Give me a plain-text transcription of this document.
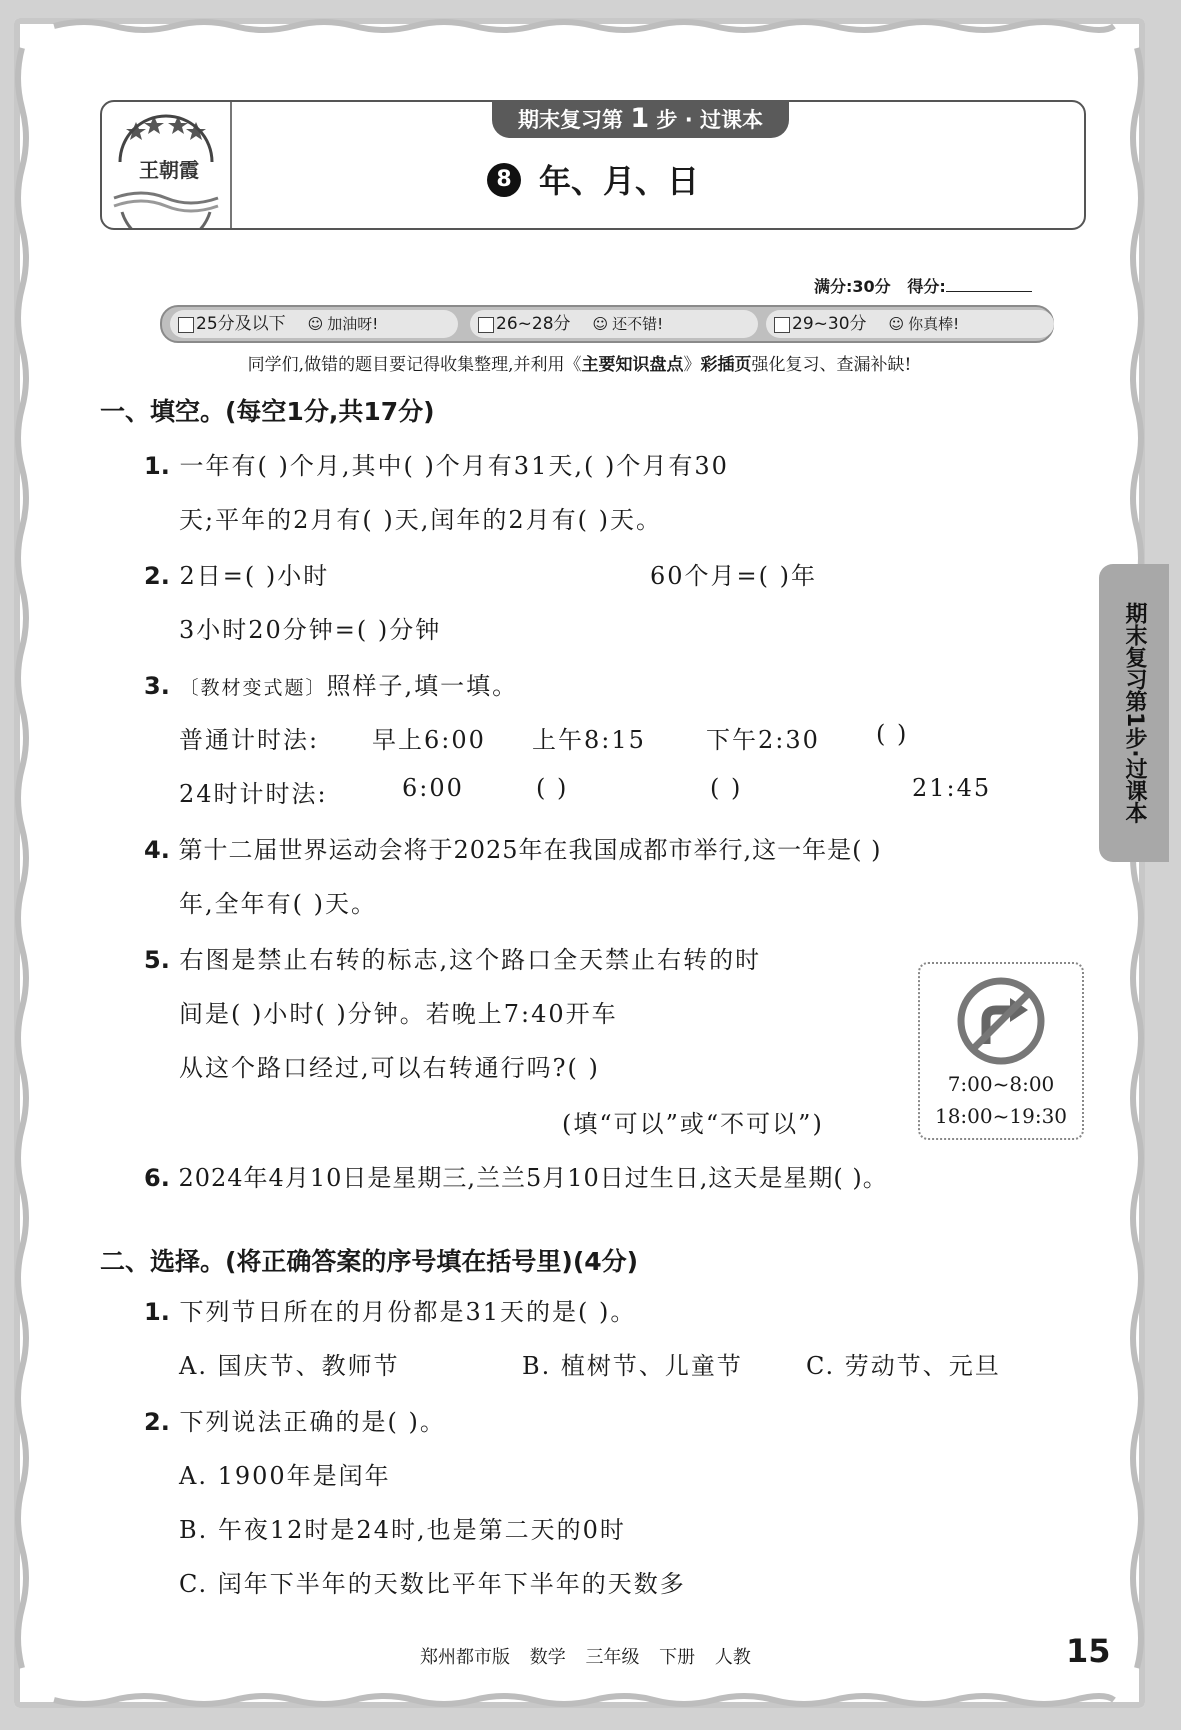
王朝霞
期末复习第 1 步 · 过课本
8 年、月、日
满分:30分 得分:
25分及以下	☺ 加油呀!	26~28分	☺ 还不错!	29~30分	☺ 你真棒!
同学们,做错的题目要记得收集整理,并利用《主要知识盘点》彩插页强化复习、查漏补缺!
一、填空。(每空1分,共17分)
1. 一年有( )个月,其中( )个月有31天,( )个月有30
天;平年的2月有( )天,闰年的2月有( )天。
2. 2日=( )小时	60个月=( )年
3小时20分钟=( )分钟
3. 〔教材变式题〕照样子,填一填。
普通计时法: 早上6:00 上午8:15	下午2:30 ( )
24时计时法:	6:00	( )	( )	21:45
4. 第十二届世界运动会将于2025年在我国成都市举行,这一年是( )
年,全年有( )天。
5. 右图是禁止右转的标志,这个路口全天禁止右转的时
间是( )小时( )分钟。若晚上7:40开车
从这个路口经过,可以右转通行吗?( )
(填“可以”或“不可以”)
7:00~8:00
18:00~19:30
6. 2024年4月10日是星期三,兰兰5月10日过生日,这天是星期( )。
二、选择。(将正确答案的序号填在括号里)(4分)
1. 下列节日所在的月份都是31天的是( )。
A. 国庆节、教师节	B. 植树节、儿童节	C. 劳动节、元旦
2. 下列说法正确的是( )。
A. 1900年是闰年
B. 午夜12时是24时,也是第二天的0时
C. 闰年下半年的天数比平年下半年的天数多
郑州都市版 数学 三年级 下册 人教	15
期末复习第1步·过课本
